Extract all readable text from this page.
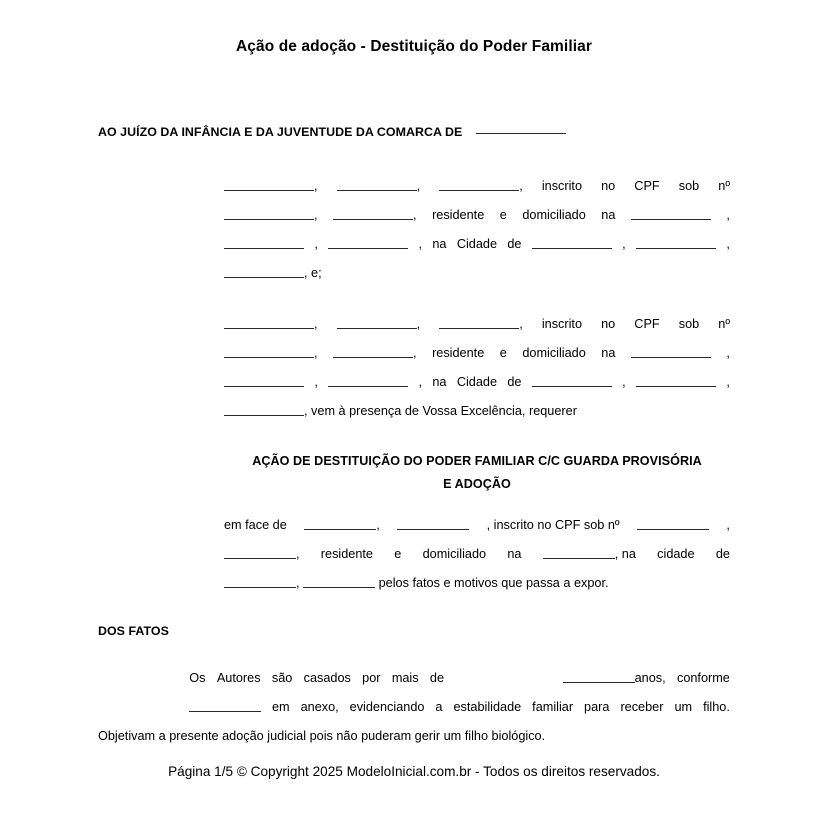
Ação de adoção - Destituição do Poder Familiar
AO JUÍZO DA INFÂNCIA E DA JUVENTUDE DA COMARCA DE
,	,	, inscrito no CPF sob nº
,	, residente e domiciliado na	,
,	, na Cidade de	,	,
, e;
,	,	, inscrito no CPF sob nº
,	, residente e domiciliado na	,
,	, na Cidade de	,	,
, vem à presença de Vossa Excelência, requerer
AÇÃO DE DESTITUIÇÃO DO PODER FAMILIAR C/C GUARDA PROVISÓRIA
E ADOÇÃO
em face de	,	, inscrito no CPF sob nº	,
, residente e domiciliado na	, na cidade de
,	pelos fatos e motivos que passa a expor.
DOS FATOS
Os Autores são casados por mais de	anos, conforme
em anexo, evidenciando a estabilidade familiar para receber um filho.
Objetivam a presente adoção judicial pois não puderam gerir um filho biológico.
Página 1/5 © Copyright 2025 ModeloInicial.com.br - Todos os direitos reservados.
